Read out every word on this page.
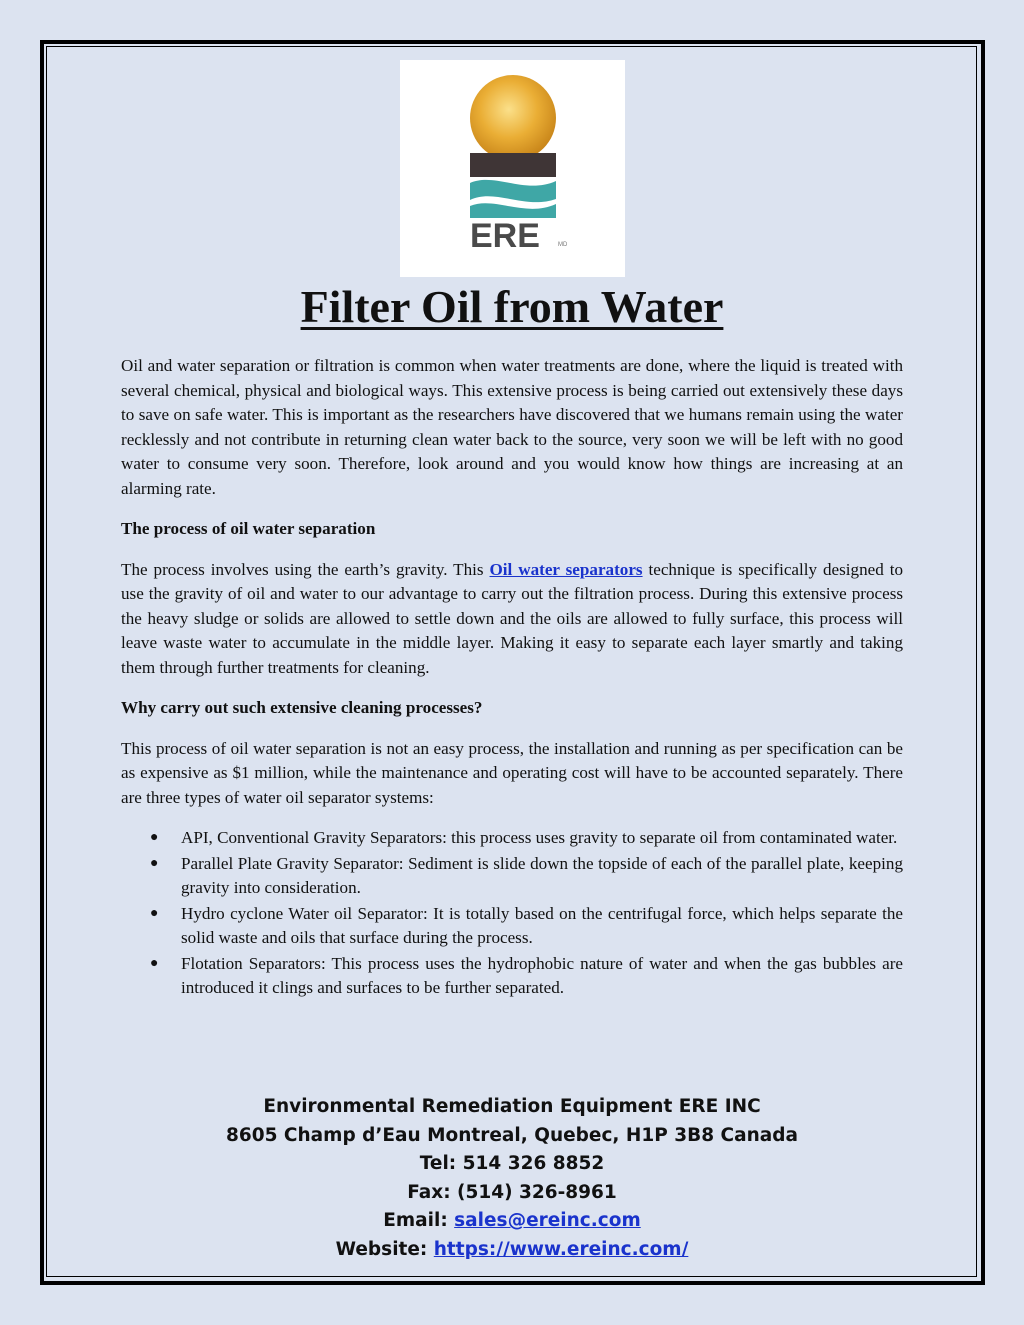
ERE	MD
Filter Oil from Water

Oil and water separation or filtration is common when water treatments are done, where the liquid is treated with several chemical, physical and biological ways. This extensive process is being carried out extensively these days to save on safe water. This is important as the researchers have discovered that we humans remain using the water recklessly and not contribute in returning clean water back to the source, very soon we will be left with no good water to consume very soon. Therefore, look around and you would know how things are increasing at an alarming rate.

The process of oil water separation

The process involves using the earth’s gravity. This Oil water separators technique is specifically designed to use the gravity of oil and water to our advantage to carry out the filtration process. During this extensive process the heavy sludge or solids are allowed to settle down and the oils are allowed to fully surface, this process will leave waste water to accumulate in the middle layer. Making it easy to separate each layer smartly and taking them through further treatments for cleaning.

Why carry out such extensive cleaning processes?

This process of oil water separation is not an easy process, the installation and running as per specification can be as expensive as $1 million, while the maintenance and operating cost will have to be accounted separately. There are three types of water oil separator systems:

● API, Conventional Gravity Separators: this process uses gravity to separate oil from contaminated water.
● Parallel Plate Gravity Separator: Sediment is slide down the topside of each of the parallel plate, keeping gravity into consideration.
● Hydro cyclone Water oil Separator: It is totally based on the centrifugal force, which helps separate the solid waste and oils that surface during the process.
● Flotation Separators: This process uses the hydrophobic nature of water and when the gas bubbles are introduced it clings and surfaces to be further separated.
Environmental Remediation Equipment ERE INC
8605 Champ d’Eau Montreal, Quebec, H1P 3B8 Canada
Tel: 514 326 8852
Fax: (514) 326-8961
Email: sales@ereinc.com
Website: https://www.ereinc.com/
